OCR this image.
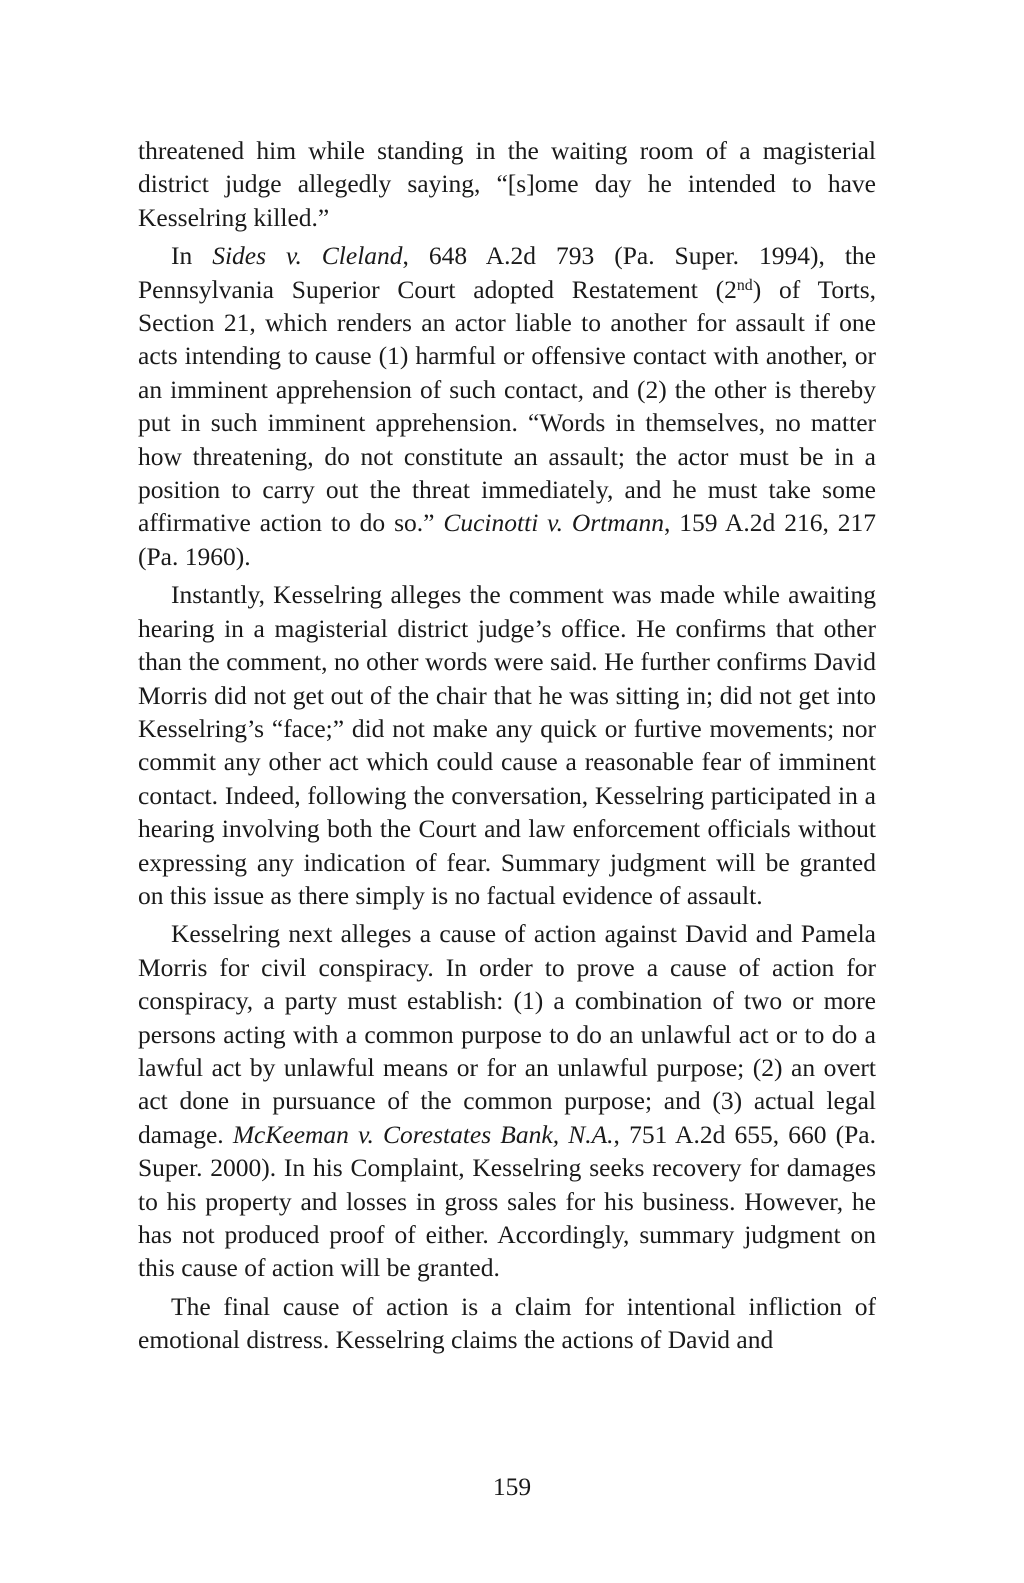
threatened him while standing in the waiting room of a magisterial district judge allegedly saying, “[s]ome day he intended to have Kesselring killed.”

In Sides v. Cleland, 648 A.2d 793 (Pa. Super. 1994), the Pennsylvania Superior Court adopted Restatement (2nd) of Torts, Section 21, which renders an actor liable to another for assault if one acts intending to cause (1) harmful or offensive contact with another, or an imminent apprehension of such contact, and (2) the other is thereby put in such imminent apprehension. “Words in themselves, no matter how threatening, do not constitute an assault; the actor must be in a position to carry out the threat immediately, and he must take some affirmative action to do so.” Cucinotti v. Ortmann, 159 A.2d 216, 217 (Pa. 1960).

Instantly, Kesselring alleges the comment was made while awaiting hearing in a magisterial district judge’s office. He confirms that other than the comment, no other words were said. He further confirms David Morris did not get out of the chair that he was sitting in; did not get into Kesselring’s “face;” did not make any quick or furtive movements; nor commit any other act which could cause a reasonable fear of imminent contact. Indeed, following the conversation, Kesselring participated in a hearing involving both the Court and law enforcement officials without expressing any indication of fear. Summary judgment will be granted on this issue as there simply is no factual evidence of assault.

Kesselring next alleges a cause of action against David and Pamela Morris for civil conspiracy. In order to prove a cause of action for conspiracy, a party must establish: (1) a combination of two or more persons acting with a common purpose to do an unlawful act or to do a lawful act by unlawful means or for an unlawful purpose; (2) an overt act done in pursuance of the common purpose; and (3) actual legal damage. McKeeman v. Corestates Bank, N.A., 751 A.2d 655, 660 (Pa. Super. 2000). In his Complaint, Kesselring seeks recovery for damages to his property and losses in gross sales for his business. However, he has not produced proof of either. Accordingly, summary judgment on this cause of action will be granted.

The final cause of action is a claim for intentional infliction of emotional distress. Kesselring claims the actions of David and

159
